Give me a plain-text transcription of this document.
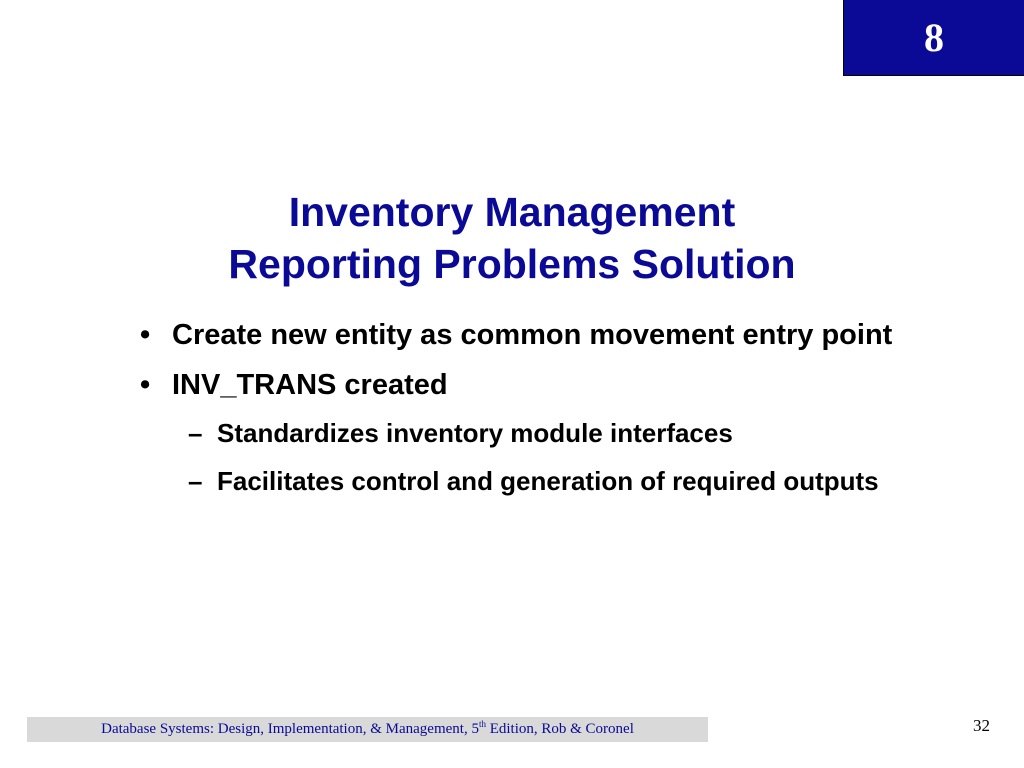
8
Inventory Management
Reporting Problems Solution
• Create new entity as common movement entry point
• INV_TRANS created
– Standardizes inventory module interfaces
– Facilitates control and generation of required outputs
Database Systems: Design, Implementation, & Management, 5th Edition, Rob & Coronel	32
